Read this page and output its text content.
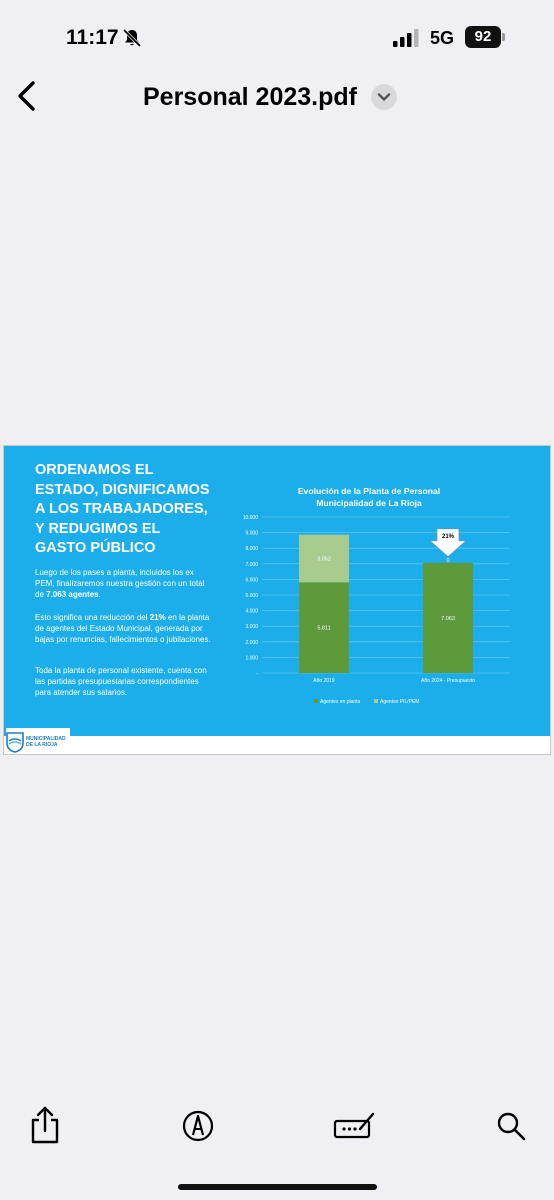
11:17	5G	92
Personal 2023.pdf
ORDENAMOS EL ESTADO, DIGNIFICAMOS A LOS TRABAJADORES, Y REDUGIMOS EL GASTO PÚBLICO
Luego de los pases a planta, incluidos los ex PEM, finalizaremos nuestra gestión con un total de 7.063 agentes.
Esto significa una reducción del 21% en la planta de agentes del Estado Municipal, generada por bajas por renuncias, fallecimientos o jubilaciones.
Toda la planta de personal existente, cuenta con las partidas presupuestarias correspondientes para atender sus salarios.
Evolución de la Planta de Personal
Municipalidad de La Rioja
-
1.000
2.000
3.000
4.000
5.000
6.000
7.000
8.000
9.000
10.000
5.811
3.052
Año 2019
7.063
0
Año 2024 - Presupuesto
21%
Agentes en planta	Agentes PIL/PEM
MUNICIPALIDAD
DE LA RIOJA
